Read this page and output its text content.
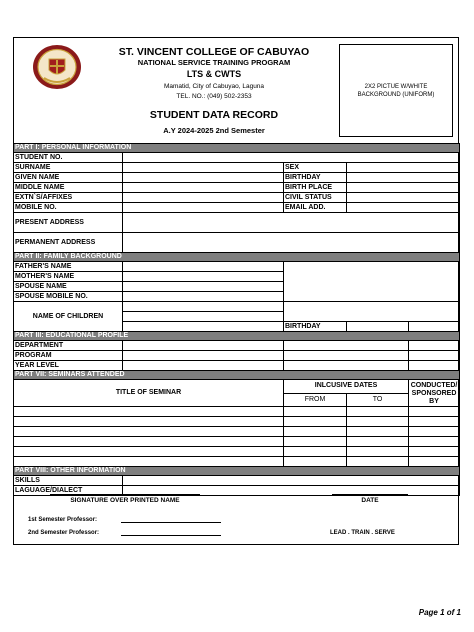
ST. VINCENT COLLEGE OF CABUYAO
NATIONAL SERVICE TRAINING PROGRAM
LTS & CWTS
Mamatid, City of Cabuyao, Laguna
TEL. NO.: (049) 502-2353
STUDENT DATA RECORD
A.Y 2024-2025 2nd Semester
2X2 PICTUE W/WHITE BACKGROUND (UNIFORM)
PART I: PERSONAL INFORMATION				
STUDENT NO.				
SURNAME		SEX		
GIVEN NAME		BIRTHDAY		
MIDDLE NAME		BIRTH PLACE		
EXTN`S/AFFIXES		CIVIL STATUS		
MOBILE NO.		EMAIL ADD.		
PRESENT ADDRESS				
PERMANENT ADDRESS				
PART II: FAMILY BACKGROUND				
FATHER'S NAME				
MOTHER'S NAME				
SPOUSE NAME				
SPOUSE MOBILE NO.				
NAME OF CHILDREN				

		BIRTHDAY		
PART III: EDUCATIONAL PROFILE				
DEPARTMENT				
PROGRAM				
YEAR LEVEL				
PART VII: SEMINARS ATTENDED				
TITLE OF SEMINAR		INLCUSIVE DATES		CONDUCTED/ SPONSORED BY
		FROM	TO	

PART VIII: OTHER INFORMATION				
SKILLS				
LAGUAGE/DIALECT				
SIGNATURE OVER PRINTED NAME	DATE
1st Semester Professor:
2nd Semester Professor:	LEAD . TRAIN . SERVE
Page 1 of 1
